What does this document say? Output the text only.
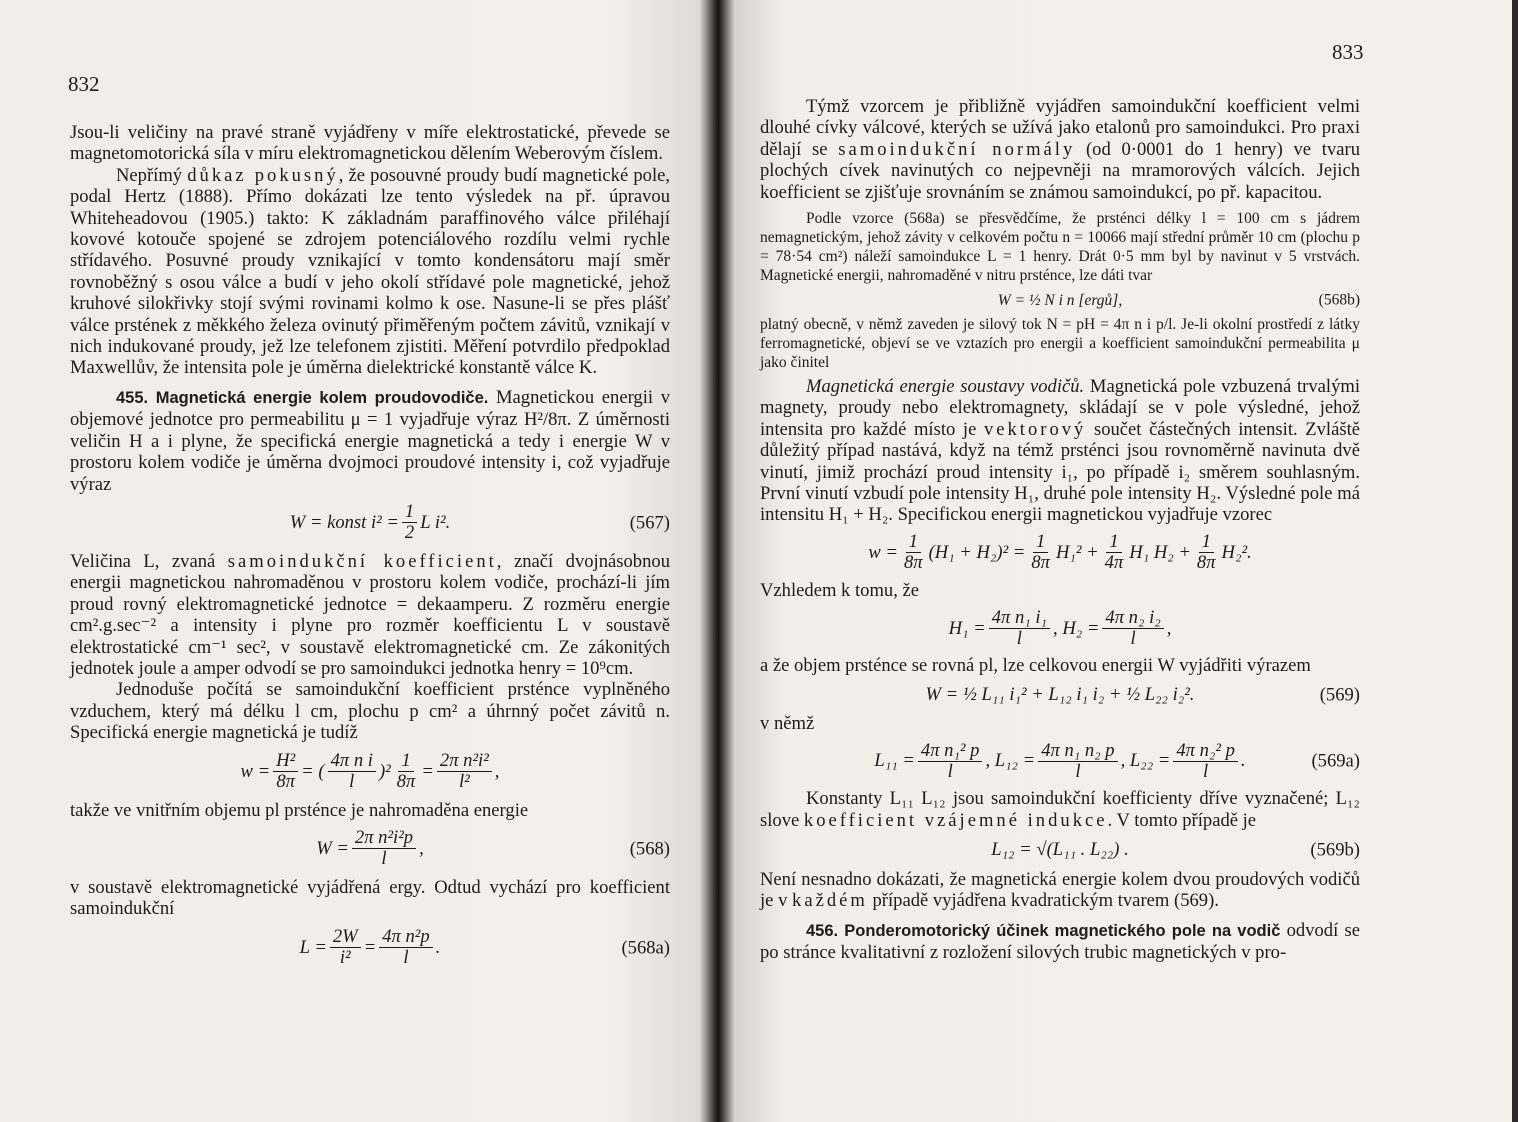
832

Jsou-li veličiny na pravé straně vyjádřeny v míře elektrostatické, převede se magnetomotorická síla v míru elektromagnetickou dělením Weberovým číslem.

Nepřímý důkaz pokusný, že posouvné proudy budí magnetické pole, podal Hertz (1888). Přímo dokázati lze tento výsledek na př. úpravou Whiteheadovou (1905.) takto: K základnám paraffinového válce přiléhají kovové kotouče spojené se zdrojem potenciálového rozdílu velmi rychle střídavého. Posuvné proudy vznikající v tomto kondensátoru mají směr rovnoběžný s osou válce a budí v jeho okolí střídavé pole magnetické, jehož kruhové silokřivky stojí svými rovinami kolmo k ose. Nasune-li se přes plášť válce prstének z měkkého železa ovinutý přiměřeným počtem závitů, vznikají v nich indukované proudy, jež lze telefonem zjistiti. Měření potvrdilo předpoklad Maxwellův, že intensita pole je úměrna dielektrické konstantě válce K.

455. Magnetická energie kolem proudovodiče. Magnetickou energii v objemové jednotce pro permeabilitu μ = 1 vyjadřuje výraz H²/8π. Z úměrnosti veličin H a i plyne, že specifická energie magnetická a tedy i energie W v prostoru kolem vodiče je úměrna dvojmoci proudové intensity i, což vyjadřuje výraz

W = konst $i^2 = \frac{1}{2}$ L i².	(567)

Veličina L, zvaná samoindukční koefficient, značí dvojnásobnou energii magnetickou nahromaděnou v prostoru kolem vodiče, prochází-li jím proud rovný elektromagnetické jednotce = dekaamperu. Z rozměru energie cm².g.sec⁻² a intensity i plyne pro rozměr koefficientu L v soustavě elektrostatické cm⁻¹ sec², v soustavě elektromagnetické cm. Ze zákonitých jednotek joule a amper odvodí se pro samoindukci jednotka henry = 10⁹cm.

Jednoduše počítá se samoindukční koefficient prsténce vyplněného vzduchem, který má délku l cm, plochu p cm² a úhrnný počet závitů n. Specifická energie magnetická je tudíž

$w = \frac{\text{H²}}{8\pi}$ = ( $\frac{\text{4π n i}}{l} )^2 \frac{1}{8\pi} = \frac{\text{2π n²i²}}{\text{l²}}$ ,

takže ve vnitřním objemu pl prsténce je nahromaděna energie

$W = \frac{\text{2π n²i²p}}{l}$ ,	(568)

v soustavě elektromagnetické vyjádřená ergy. Odtud vychází pro koefficient samoindukční

$L = \frac{2W}{\text{i²}} = \frac{\text{4π n²p}}{l}$ .	(568a)
833

Týmž vzorcem je přibližně vyjádřen samoindukční koefficient velmi dlouhé cívky válcové, kterých se užívá jako etalonů pro samoindukci. Pro praxi dělají se samoindukční normály (od 0·0001 do 1 henry) ve tvaru plochých cívek navinutých co nejpevněji na mramorových válcích. Jejich koefficient se zjišťuje srovnáním se známou samoindukcí, po př. kapacitou.

Podle vzorce (568a) se přesvědčíme, že prsténci délky l = 100 cm s jádrem nemagnetickým, jehož závity v celkovém počtu n = 10066 mají střední průměr 10 cm (plochu p = 78·54 cm²) náleží samoindukce L = 1 henry. Drát 0·5 mm byl by navinut v 5 vrstvách. Magnetické energii, nahromaděné v nitru prsténce, lze dáti tvar

W = ½ N i n [ergů],	(568b)

platný obecně, v němž zaveden je silový tok N = pH = 4π n i p/l. Je-li okolní prostředí z látky ferromagnetické, objeví se ve vztazích pro energii a koefficient samoindukční permeabilita μ jako činitel

Magnetická energie soustavy vodičů. Magnetická pole vzbuzená trvalými magnety, proudy nebo elektromagnety, skládají se v pole výsledné, jehož intensita pro každé místo je vektorový součet částečných intensit. Zvláště důležitý případ nastává, když na témž prsténci jsou rovnoměrně navinuta dvě vinutí, jimiž prochází proud intensity i₁, po případě i₂ směrem souhlasným. První vinutí vzbudí pole intensity H₁, druhé pole intensity H₂. Výsledné pole má intensitu H₁ + H₂. Specifickou energii magnetickou vyjadřuje vzorec

$w = \frac{1}{8\pi} (H_1 + H_2)^2 = \frac{1}{8\pi} H_1^2 + \frac{1}{4\pi} H_1$ $H_2 + \frac{1}{8\pi} H_2^2$.

Vzhledem k tomu, že

$H_1 = \frac{\text{4π n₁ i₁}}{l}$ , $H_2 = \frac{\text{4π n₂ i₂}}{l}$ ,

a že objem prsténce se rovná pl, lze celkovou energii W vyjádřiti výrazem

W = ½ L₁₁ i₁² + L₁₂ i₁ i₂ + ½ L₂₂ i₂².	(569)

v němž

$L_{11} = \frac{\text{4π n₁² p}}{l}$ , $L_{12} = \frac{\text{4π n₁ n₂ p}}{l}$ , $L_{22} = \frac{\text{4π n₂² p}}{l}$ .	(569a)

Konstanty L₁₁ L₁₂ jsou samoindukční koefficienty dříve vyznačené; L₁₂ slove koefficient vzájemné indukce. V tomto případě je

L₁₂ = √(L₁₁ . L₂₂) .	(569b)

Není nesnadno dokázati, že magnetická energie kolem dvou proudových vodičů je v každém případě vyjádřena kvadratickým tvarem (569).

456. Ponderomotorický účinek magnetického pole na vodič odvodí se po stránce kvalitativní z rozložení silových trubic magnetických v pro-
